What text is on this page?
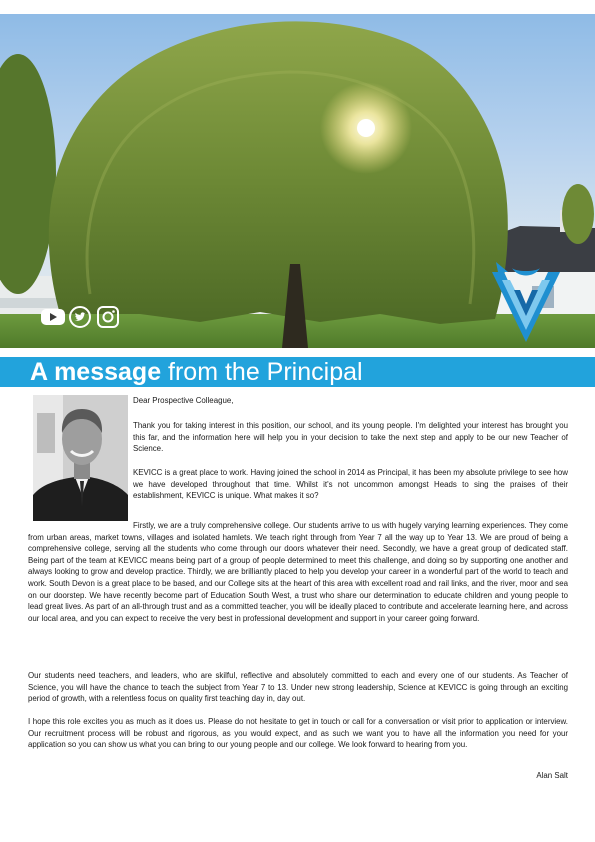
A message from the Principal

Dear Prospective Colleague,

Thank you for taking interest in this position, our school, and its young people. I'm delighted your interest has brought you this far, and the information here will help you in your decision to take the next step and apply to be our new Teacher of Science.

KEVICC is a great place to work. Having joined the school in 2014 as Principal, it has been my absolute privilege to see how we have developed throughout that time. Whilst it's not uncommon amongst Heads to sing the praises of their establishment, KEVICC is unique. What makes it so?

Firstly, we are a truly comprehensive college. Our students arrive to us with hugely varying learning experiences. They come from urban areas, market towns, villages and isolated hamlets. We teach right through from Year 7 all the way up to Year 13. We are proud of being a comprehensive college, serving all the students who come through our doors whatever their need. Secondly, we have a great group of dedicated staff. Being part of the team at KEVICC means being part of a group of people determined to meet this challenge, and doing so by supporting one another and always looking to grow and develop practice. Thirdly, we are brilliantly placed to help you develop your career in a wonderful part of the world to teach and work. South Devon is a great place to be based, and our College sits at the heart of this area with excellent road and rail links, and the river, moor and sea on our doorstep. We have recently become part of Education South West, a trust who share our determination to educate children and young people to lead great lives. As part of an all-through trust and as a committed teacher, you will be ideally placed to contribute and accelerate learning here, and across our local area, and you can expect to receive the very best in professional development and support in your career going forward.

Our students need teachers, and leaders, who are skilful, reflective and absolutely committed to each and every one of our students. As Teacher of Science, you will have the chance to teach the subject from Year 7 to 13. Under new strong leadership, Science at KEVICC is going through an exciting period of growth, with a relentless focus on quality first teaching day in, day out.

I hope this role excites you as much as it does us. Please do not hesitate to get in touch or call for a conversation or visit prior to application or interview. Our recruitment process will be robust and rigorous, as you would expect, and as such we want you to have all the information you need for your application so you can show us what you can bring to our young people and our college. We look forward to hearing from you.

Alan Salt
